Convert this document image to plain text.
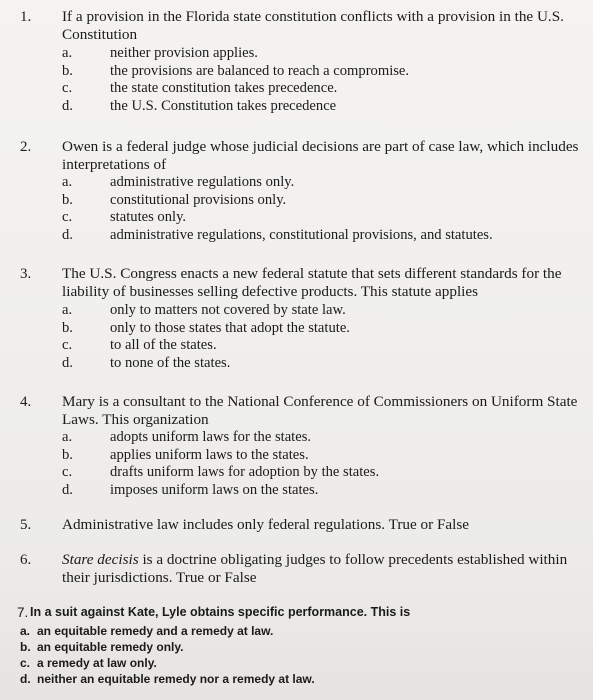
1. If a provision in the Florida state constitution conflicts with a provision in the U.S. Constitution
a.	neither provision applies.
b.	the provisions are balanced to reach a compromise.
c.	the state constitution takes precedence.
d.	the U.S. Constitution takes precedence
2. Owen is a federal judge whose judicial decisions are part of case law, which includes interpretations of
a.	administrative regulations only.
b.	constitutional provisions only.
c.	statutes only.
d.	administrative regulations, constitutional provisions, and statutes.
3. The U.S. Congress enacts a new federal statute that sets different standards for the liability of businesses selling defective products. This statute applies
a.	only to matters not covered by state law.
b.	only to those states that adopt the statute.
c.	to all of the states.
d.	to none of the states.
4. Mary is a consultant to the National Conference of Commissioners on Uniform State Laws. This organization
a.	adopts uniform laws for the states.
b.	applies uniform laws to the states.
c.	drafts uniform laws for adoption by the states.
d.	imposes uniform laws on the states.
5. Administrative law includes only federal regulations. True or False
6. Stare decisis is a doctrine obligating judges to follow precedents established within their jurisdictions. True or False
7. In a suit against Kate, Lyle obtains specific performance. This is
a. an equitable remedy and a remedy at law.
b. an equitable remedy only.
c. a remedy at law only.
d. neither an equitable remedy nor a remedy at law.
